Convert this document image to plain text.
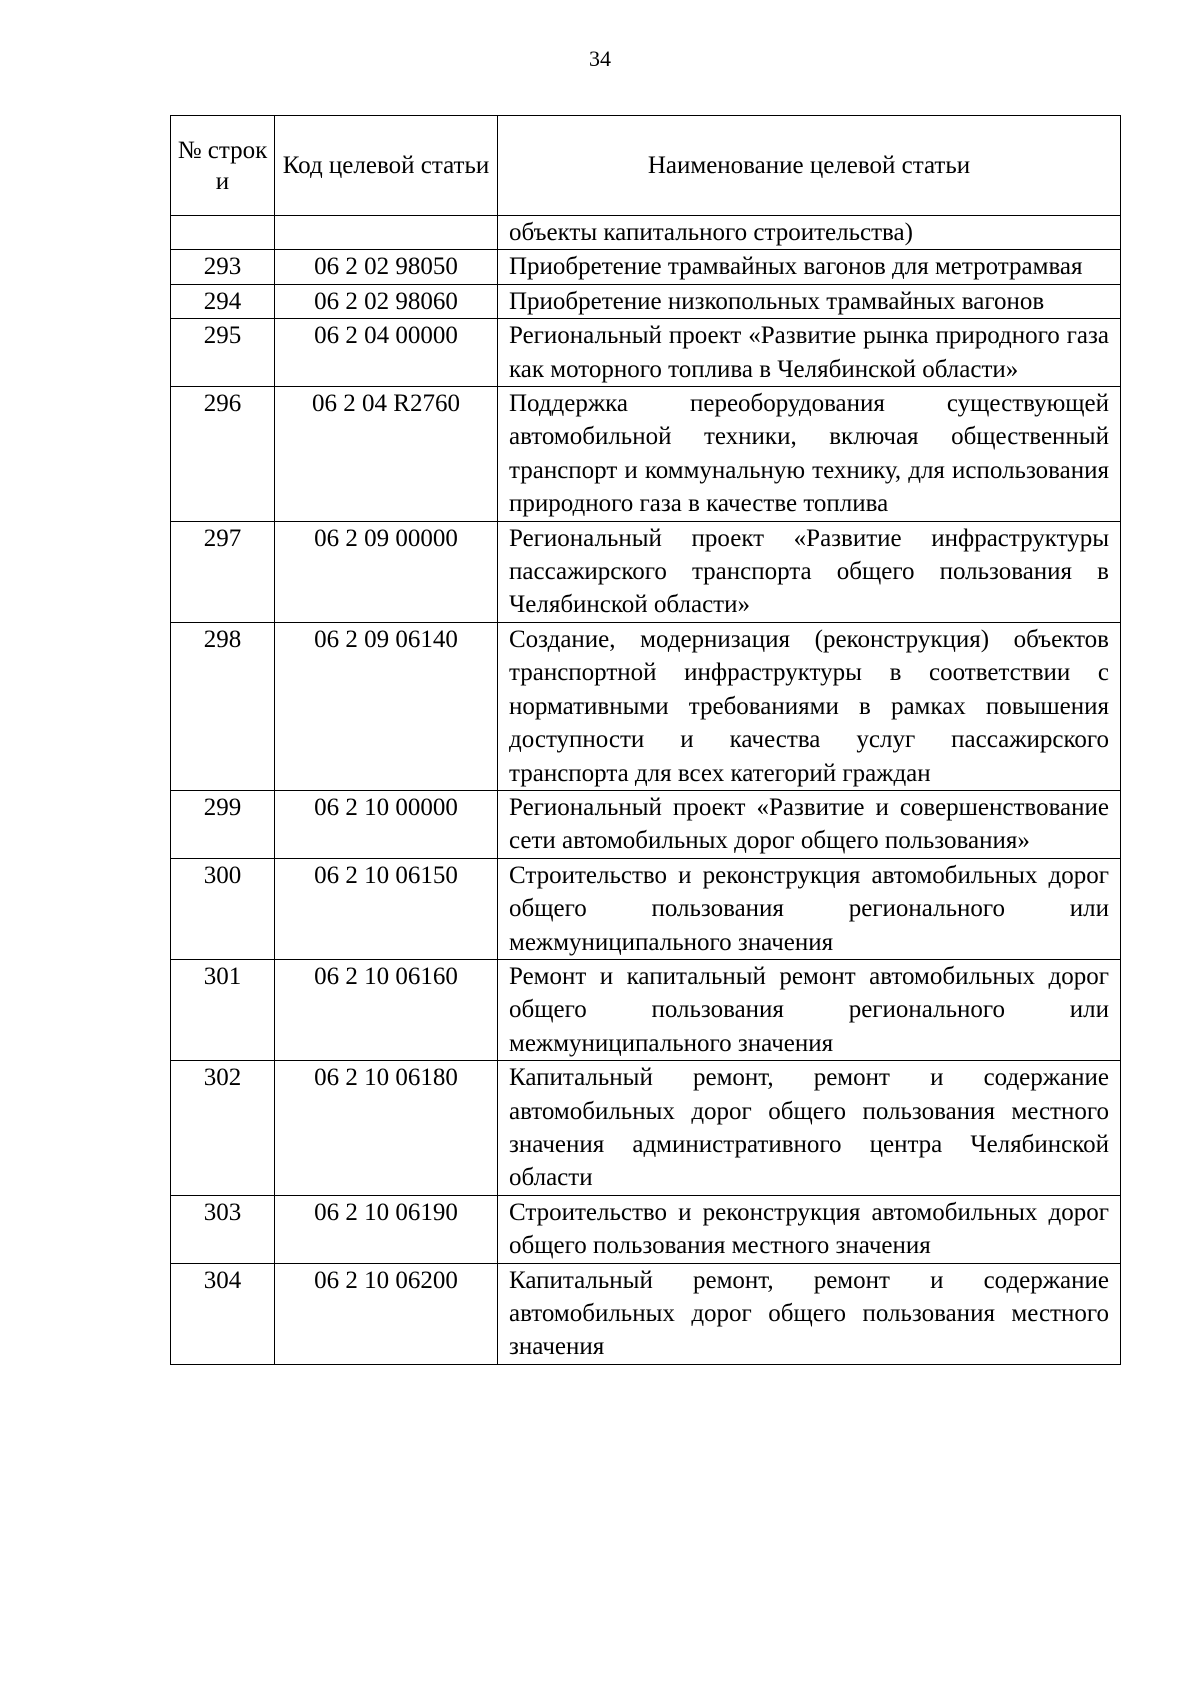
34
№ строк и	Код целевой статьи	Наименование целевой статьи
		объекты капитального строительства)
293	06 2 02 98050	Приобретение трамвайных вагонов для метротрамвая
294	06 2 02 98060	Приобретение низкопольных трамвайных вагонов
295	06 2 04 00000	Региональный проект «Развитие рынка природного газа как моторного топлива в Челябинской области»
296	06 2 04 R2760	Поддержка переоборудования существующей автомобильной техники, включая общественный транспорт и коммунальную технику, для использования природного газа в качестве топлива
297	06 2 09 00000	Региональный проект «Развитие инфраструктуры пассажирского транспорта общего пользования в Челябинской области»
298	06 2 09 06140	Создание, модернизация (реконструкция) объектов транспортной инфраструктуры в соответствии с нормативными требованиями в рамках повышения доступности и качества услуг пассажирского транспорта для всех категорий граждан
299	06 2 10 00000	Региональный проект «Развитие и совершенствование сети автомобильных дорог общего пользования»
300	06 2 10 06150	Строительство и реконструкция автомобильных дорог общего пользования регионального или межмуниципального значения
301	06 2 10 06160	Ремонт и капитальный ремонт автомобильных дорог общего пользования регионального или межмуниципального значения
302	06 2 10 06180	Капитальный ремонт, ремонт и содержание автомобильных дорог общего пользования местного значения административного центра Челябинской области
303	06 2 10 06190	Строительство и реконструкция автомобильных дорог общего пользования местного значения
304	06 2 10 06200	Капитальный ремонт, ремонт и содержание автомобильных дорог общего пользования местного значения
